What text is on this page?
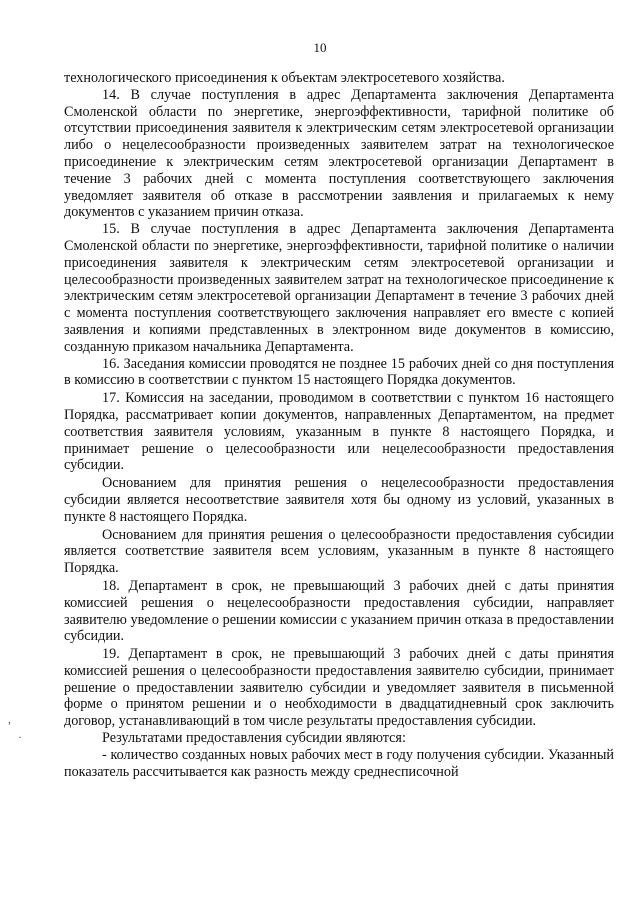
10

технологического присоединения к объектам электросетевого хозяйства.

14. В случае поступления в адрес Департамента заключения Департамента Смоленской области по энергетике, энергоэффективности, тарифной политике об отсутствии присоединения заявителя к электрическим сетям электросетевой организации либо о нецелесообразности произведенных заявителем затрат на технологическое присоединение к электрическим сетям электросетевой организации Департамент в течение 3 рабочих дней с момента поступления соответствующего заключения уведомляет заявителя об отказе в рассмотрении заявления и прилагаемых к нему документов с указанием причин отказа.

15. В случае поступления в адрес Департамента заключения Департамента Смоленской области по энергетике, энергоэффективности, тарифной политике о наличии присоединения заявителя к электрическим сетям электросетевой организации и целесообразности произведенных заявителем затрат на технологическое присоединение к электрическим сетям электросетевой организации Департамент в течение 3 рабочих дней с момента поступления соответствующего заключения направляет его вместе с копией заявления и копиями представленных в электронном виде документов в комиссию, созданную приказом начальника Департамента.

16. Заседания комиссии проводятся не позднее 15 рабочих дней со дня поступления в комиссию в соответствии с пунктом 15 настоящего Порядка документов.

17. Комиссия на заседании, проводимом в соответствии с пунктом 16 настоящего Порядка, рассматривает копии документов, направленных Департаментом, на предмет соответствия заявителя условиям, указанным в пункте 8 настоящего Порядка, и принимает решение о целесообразности или нецелесообразности предоставления субсидии.

Основанием для принятия решения о нецелесообразности предоставления субсидии является несоответствие заявителя хотя бы одному из условий, указанных в пункте 8 настоящего Порядка.

Основанием для принятия решения о целесообразности предоставления субсидии является соответствие заявителя всем условиям, указанным в пункте 8 настоящего Порядка.

18. Департамент в срок, не превышающий 3 рабочих дней с даты принятия комиссией решения о нецелесообразности предоставления субсидии, направляет заявителю уведомление о решении комиссии с указанием причин отказа в предоставлении субсидии.

19. Департамент в срок, не превышающий 3 рабочих дней с даты принятия комиссией решения о целесообразности предоставления заявителю субсидии, принимает решение о предоставлении заявителю субсидии и уведомляет заявителя в письменной форме о принятом решении и о необходимости в двадцатидневный срок заключить договор, устанавливающий в том числе результаты предоставления субсидии.

Результатами предоставления субсидии являются:

- количество созданных новых рабочих мест в году получения субсидии. Указанный показатель рассчитывается как разность между среднесписочной

,
·
